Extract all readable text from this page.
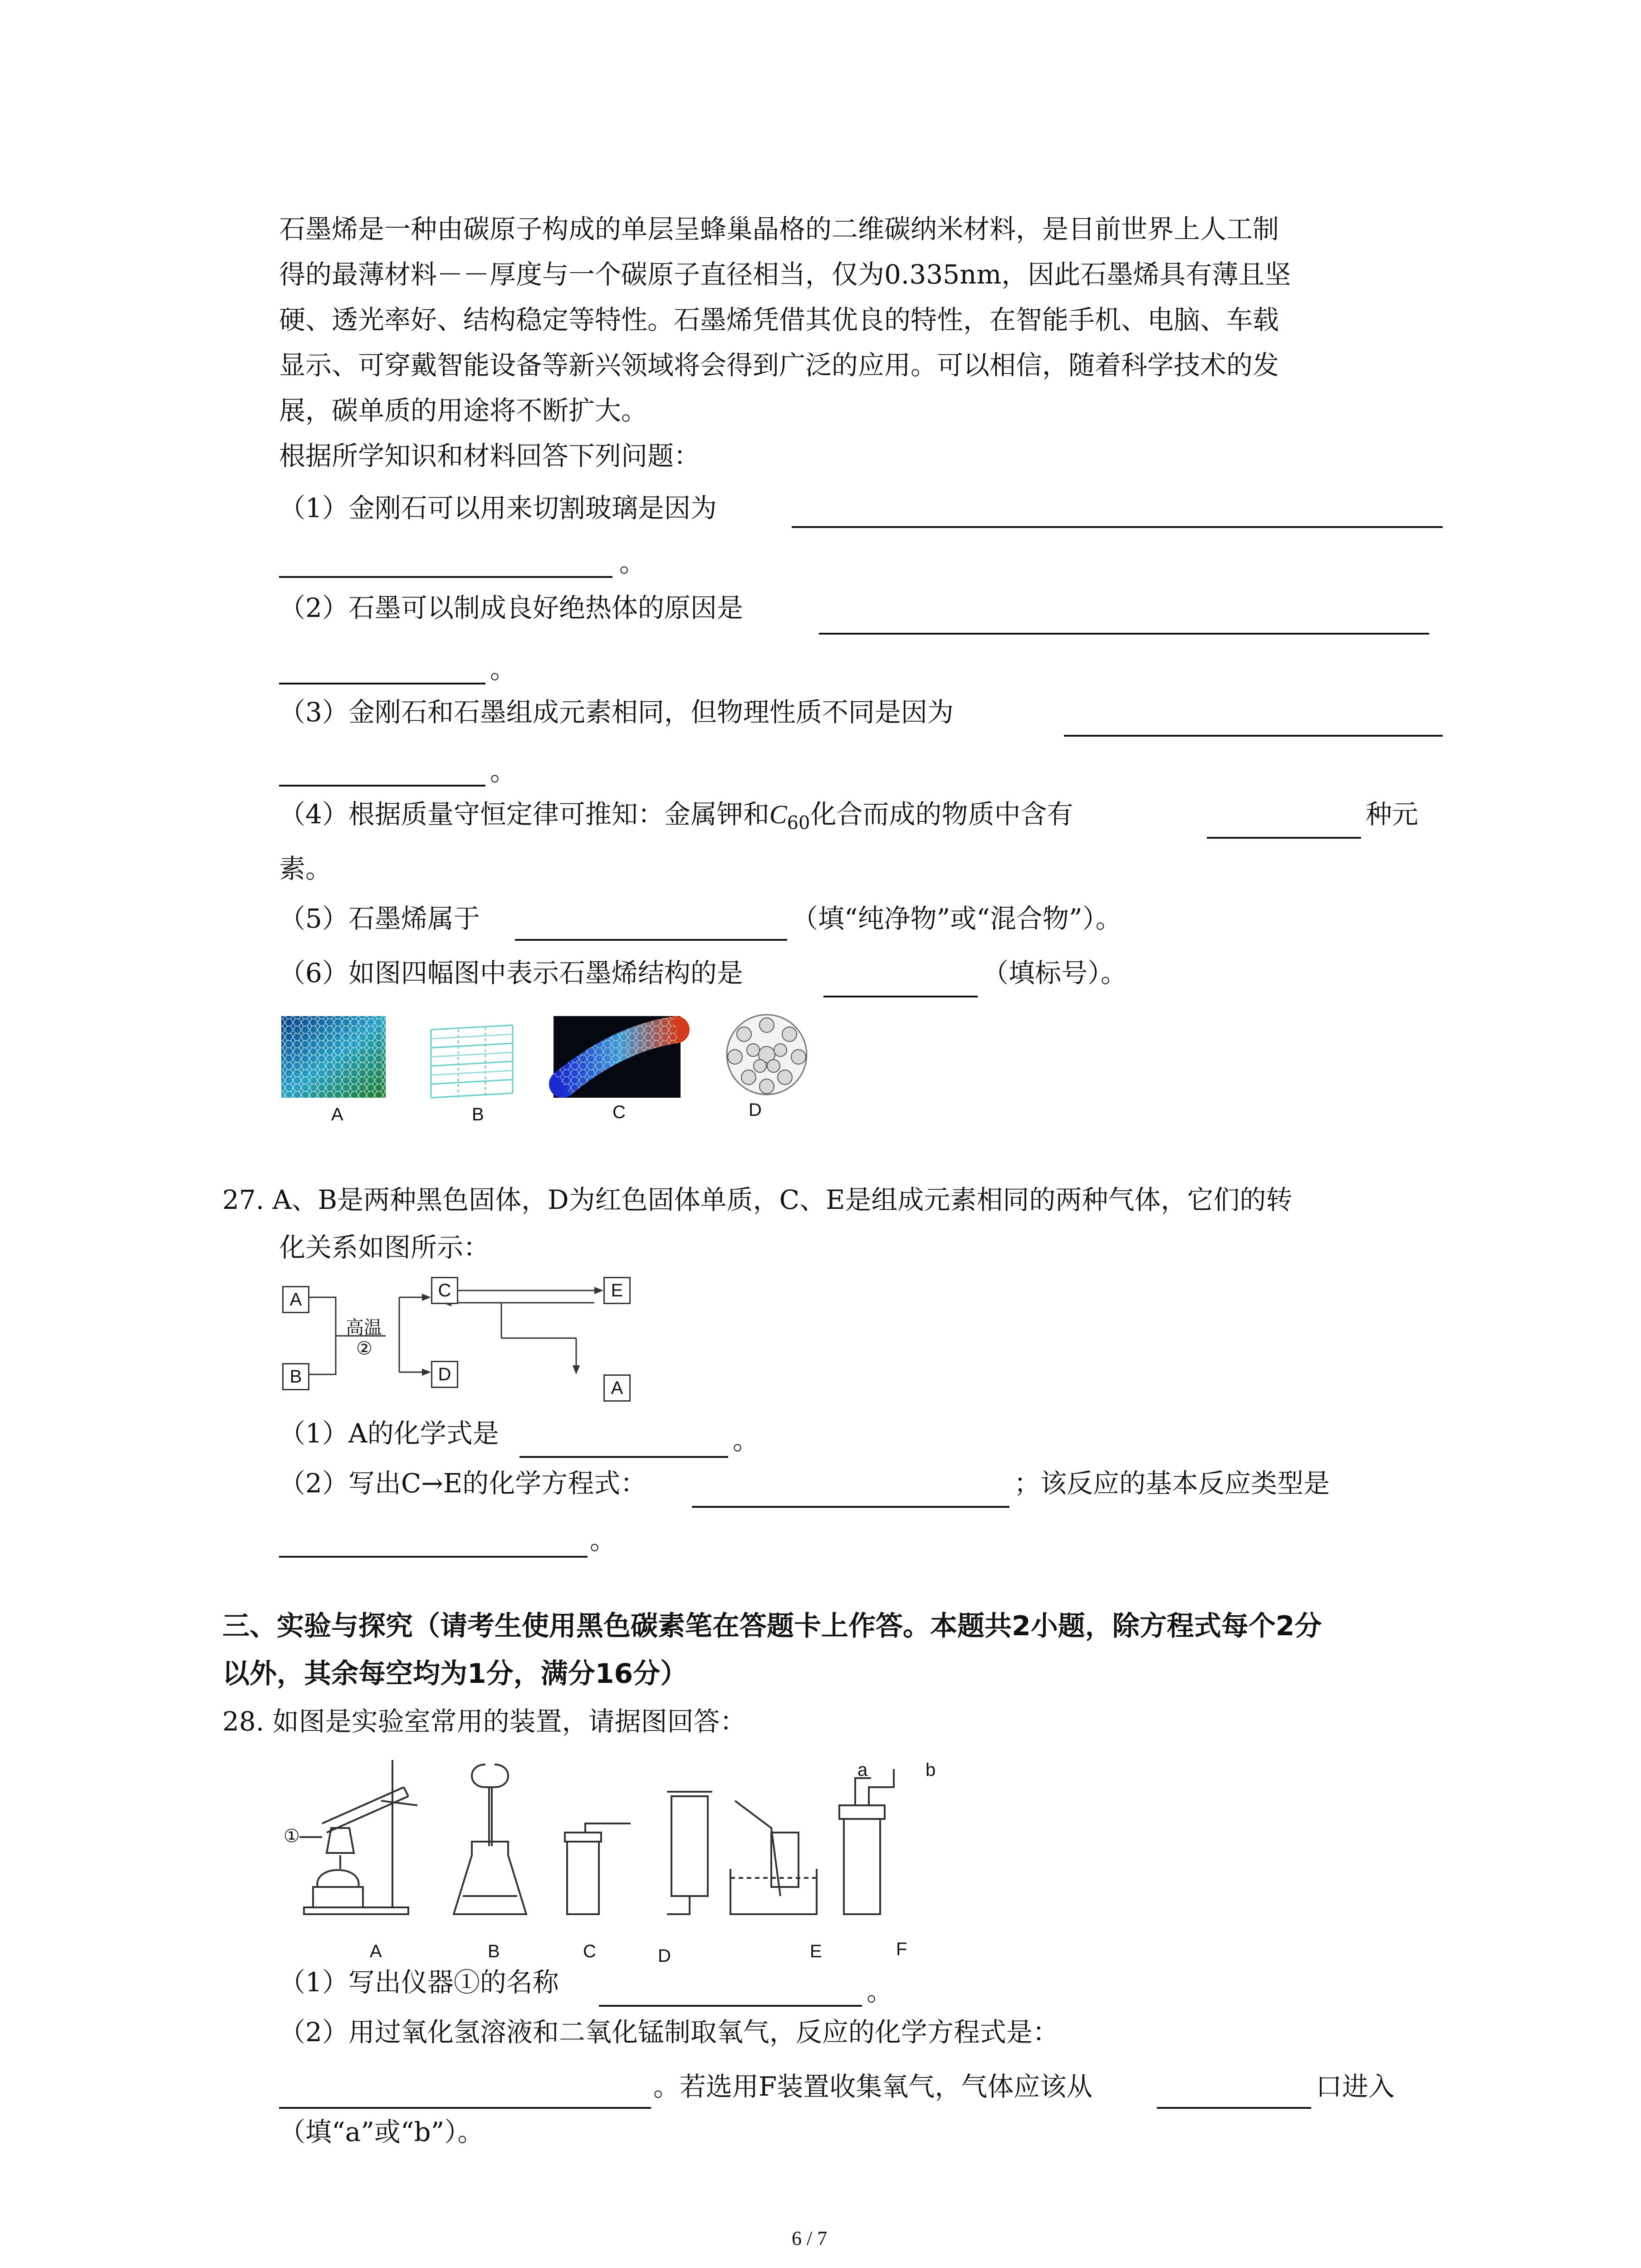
石墨烯是一种由碳原子构成的单层呈蜂巢晶格的二维碳纳米材料，是目前世界上人工制
得的最薄材料－－厚度与一个碳原子直径相当，仅为0.335nm，因此石墨烯具有薄且坚
硬、透光率好、结构稳定等特性。石墨烯凭借其优良的特性，在智能手机、电脑、车载
显示、可穿戴智能设备等新兴领域将会得到广泛的应用。可以相信，随着科学技术的发
展，碳单质的用途将不断扩大。
根据所学知识和材料回答下列问题：
（1）金刚石可以用来切割玻璃是因为
。
（2）石墨可以制成良好绝热体的原因是
。
（3）金刚石和石墨组成元素相同，但物理性质不同是因为
。
（4）根据质量守恒定律可推知：金属钾和$C_{60}$化合而成的物质中含有	种元
素。
（5）石墨烯属于	（填“纯净物”或“混合物”）。
（6）如图四幅图中表示石墨烯结构的是	（填标号）。
A	B	C	D
27. A、B是两种黑色固体，D为红色固体单质，C、E是组成元素相同的两种气体，它们的转
化关系如图所示：
A
B
C
D
E
A
高温
②
（1）A的化学式是	。
（2）写出C→E的化学方程式：	；该反应的基本反应类型是
。
三、实验与探究（请考生使用黑色碳素笔在答题卡上作答。本题共2小题，除方程式每个2分
以外，其余每空均为1分，满分16分）
28. 如图是实验室常用的装置，请据图回答：
①
A	B	C	D	E	F
a	b
（1）写出仪器①的名称	。
（2）用过氧化氢溶液和二氧化锰制取氧气，反应的化学方程式是：
。若选用F装置收集氧气，气体应该从	口进入
（填“a”或“b”）。
6 / 7
